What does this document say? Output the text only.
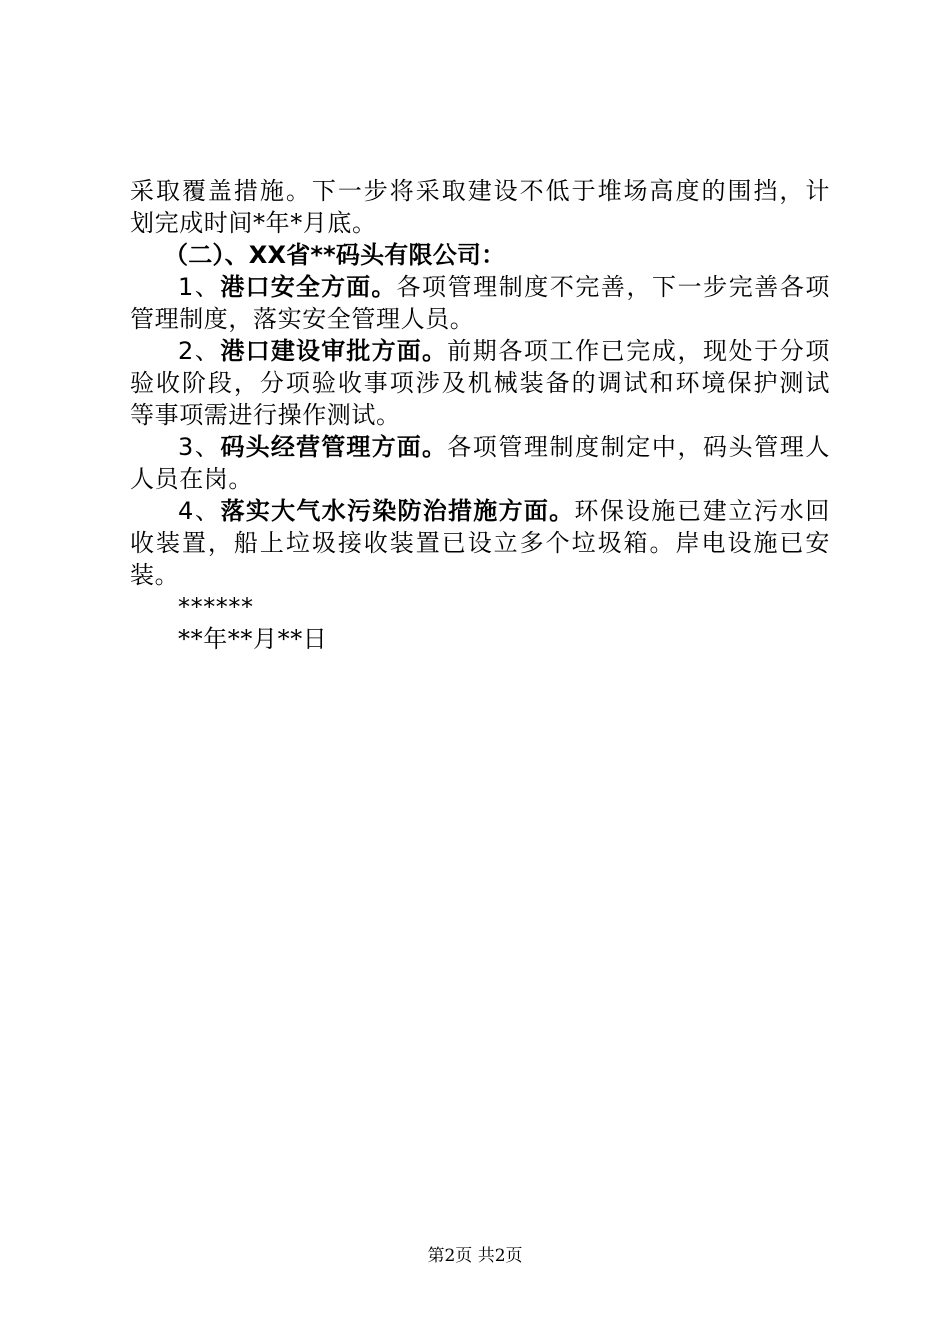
采取覆盖措施。下一步将采取建设不低于堆场高度的围挡，计
划完成时间*年*月底。
（二）、XX省**码头有限公司：
1、港口安全方面。各项管理制度不完善，下一步完善各项
管理制度，落实安全管理人员。
2、港口建设审批方面。前期各项工作已完成，现处于分项
验收阶段，分项验收事项涉及机械装备的调试和环境保护测试
等事项需进行操作测试。
3、码头经营管理方面。各项管理制度制定中，码头管理人
人员在岗。
4、落实大气水污染防治措施方面。环保设施已建立污水回
收装置，船上垃圾接收装置已设立多个垃圾箱。岸电设施已安
装。
******
**年**月**日
第2页 共2页
